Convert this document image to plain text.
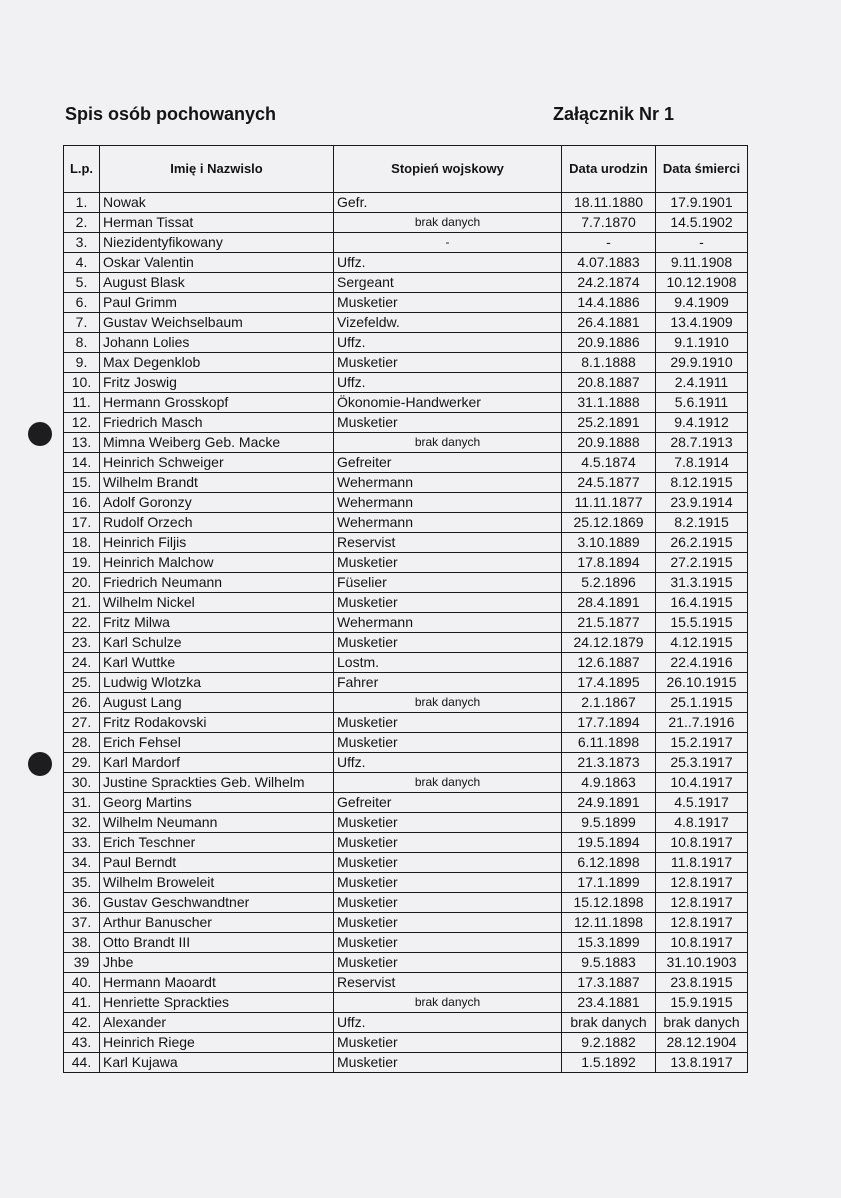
Spis osób pochowanych	Załącznik Nr 1
L.p.	Imię i Nazwislo	Stopień wojskowy	Data urodzin	Data śmierci
1.	Nowak	Gefr.	18.11.1880	17.9.1901
2.	Herman Tissat	brak danych	7.7.1870	14.5.1902
3.	Niezidentyfikowany	-	-	-
4.	Oskar Valentin	Uffz.	4.07.1883	9.11.1908
5.	August Blask	Sergeant	24.2.1874	10.12.1908
6.	Paul Grimm	Musketier	14.4.1886	9.4.1909
7.	Gustav Weichselbaum	Vizefeldw.	26.4.1881	13.4.1909
8.	Johann Lolies	Uffz.	20.9.1886	9.1.1910
9.	Max Degenklob	Musketier	8.1.1888	29.9.1910
10.	Fritz Joswig	Uffz.	20.8.1887	2.4.1911
11.	Hermann Grosskopf	Ökonomie-Handwerker	31.1.1888	5.6.1911
12.	Friedrich Masch	Musketier	25.2.1891	9.4.1912
13.	Mimna Weiberg Geb. Macke	brak danych	20.9.1888	28.7.1913
14.	Heinrich Schweiger	Gefreiter	4.5.1874	7.8.1914
15.	Wilhelm Brandt	Wehermann	24.5.1877	8.12.1915
16.	Adolf Goronzy	Wehermann	11.11.1877	23.9.1914
17.	Rudolf Orzech	Wehermann	25.12.1869	8.2.1915
18.	Heinrich Filjis	Reservist	3.10.1889	26.2.1915
19.	Heinrich Malchow	Musketier	17.8.1894	27.2.1915
20.	Friedrich Neumann	Füselier	5.2.1896	31.3.1915
21.	Wilhelm Nickel	Musketier	28.4.1891	16.4.1915
22.	Fritz Milwa	Wehermann	21.5.1877	15.5.1915
23.	Karl Schulze	Musketier	24.12.1879	4.12.1915
24.	Karl Wuttke	Lostm.	12.6.1887	22.4.1916
25.	Ludwig Wlotzka	Fahrer	17.4.1895	26.10.1915
26.	August Lang	brak danych	2.1.1867	25.1.1915
27.	Fritz Rodakovski	Musketier	17.7.1894	21..7.1916
28.	Erich Fehsel	Musketier	6.11.1898	15.2.1917
29.	Karl Mardorf	Uffz.	21.3.1873	25.3.1917
30.	Justine Sprackties Geb. Wilhelm	brak danych	4.9.1863	10.4.1917
31.	Georg Martins	Gefreiter	24.9.1891	4.5.1917
32.	Wilhelm Neumann	Musketier	9.5.1899	4.8.1917
33.	Erich Teschner	Musketier	19.5.1894	10.8.1917
34.	Paul Berndt	Musketier	6.12.1898	11.8.1917
35.	Wilhelm Broweleit	Musketier	17.1.1899	12.8.1917
36.	Gustav Geschwandtner	Musketier	15.12.1898	12.8.1917
37.	Arthur Banuscher	Musketier	12.11.1898	12.8.1917
38.	Otto Brandt III	Musketier	15.3.1899	10.8.1917
39	Jhbe	Musketier	9.5.1883	31.10.1903
40.	Hermann Maoardt	Reservist	17.3.1887	23.8.1915
41.	Henriette Sprackties	brak danych	23.4.1881	15.9.1915
42.	Alexander	Uffz.	brak danych	brak danych
43.	Heinrich Riege	Musketier	9.2.1882	28.12.1904
44.	Karl Kujawa	Musketier	1.5.1892	13.8.1917
